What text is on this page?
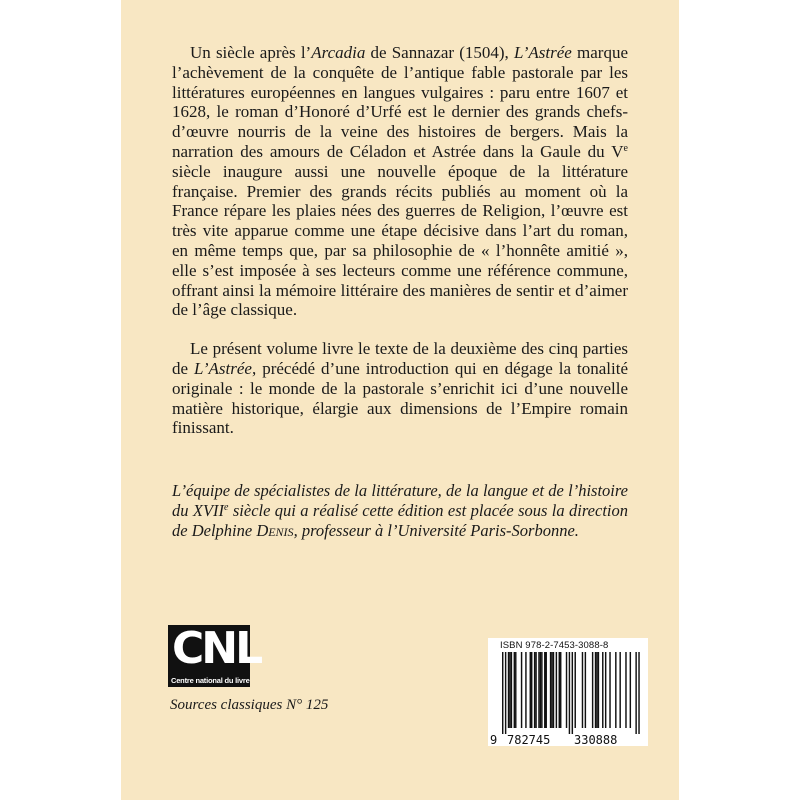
Un siècle après l’Arcadia de Sannazar (1504), L’Astrée marque l’achèvement de la conquête de l’antique fable pastorale par les littératures européennes en langues vulgaires : paru entre 1607 et 1628, le roman d’Honoré d’Urfé est le dernier des grands chefs-d’œuvre nourris de la veine des histoires de bergers. Mais la narration des amours de Céladon et Astrée dans la Gaule du Ve siècle inaugure aussi une nouvelle époque de la littérature française. Premier des grands récits publiés au moment où la France répare les plaies nées des guerres de Religion, l’œuvre est très vite apparue comme une étape décisive dans l’art du roman, en même temps que, par sa philosophie de « l’honnête amitié », elle s’est imposée à ses lecteurs comme une référence commune, offrant ainsi la mémoire littéraire des manières de sentir et d’aimer de l’âge classique.

Le présent volume livre le texte de la deuxième des cinq parties de L’Astrée, précédé d’une introduction qui en dégage la tonalité originale : le monde de la pastorale s’enrichit ici d’une nouvelle matière historique, élargie aux dimensions de l’Empire romain finissant.

L’équipe de spécialistes de la littérature, de la langue et de l’histoire du XVIIe siècle qui a réalisé cette édition est placée sous la direction de Delphine Denis, professeur à l’Université Paris-Sorbonne.

CNL
Centre national du livre
Sources classiques N° 125
ISBN 978-2-7453-3088-8
9 782745 330888
